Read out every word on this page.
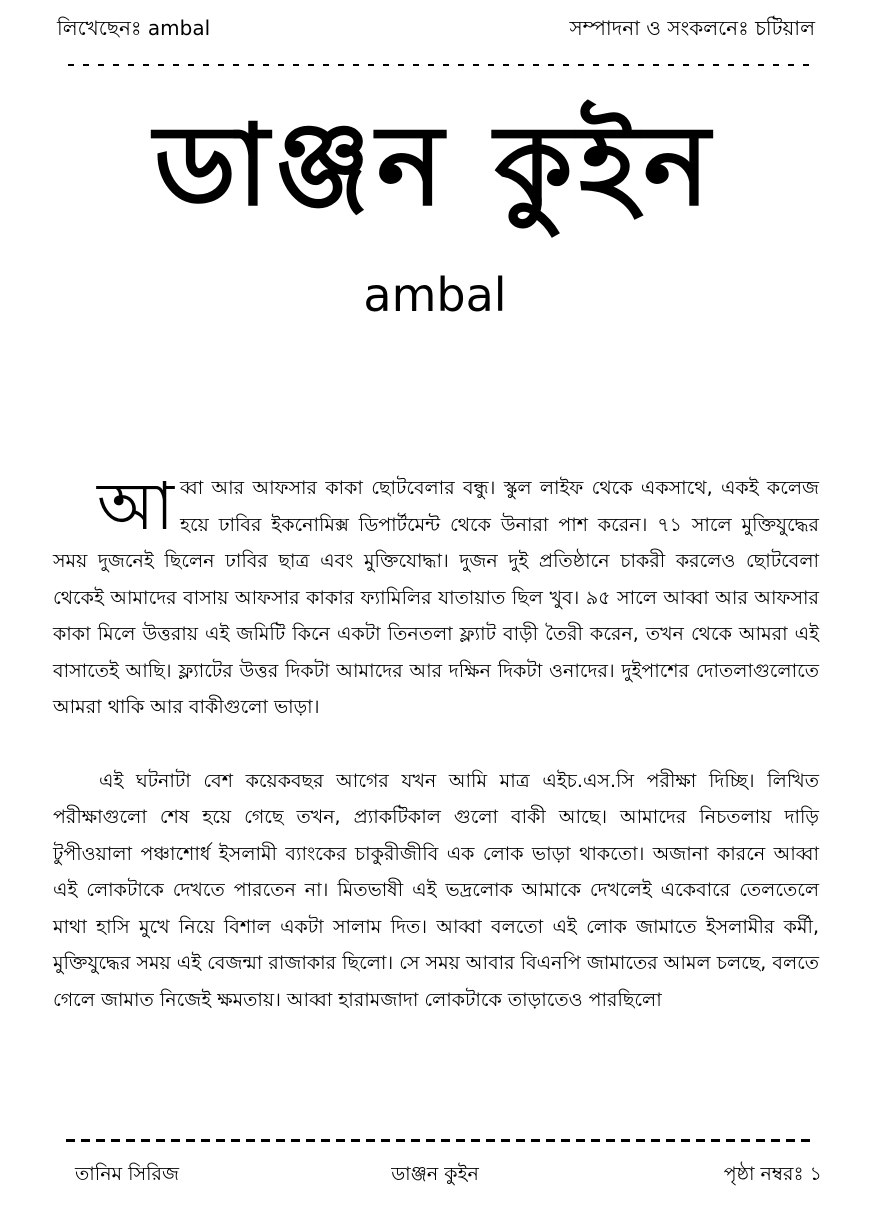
লিখেছেনঃ ambal	সম্পাদনা ও সংকলনেঃ চটিয়াল
ডাঞ্জন কুইন
ambal

আ ব্বা আর আফসার কাকা ছোটবেলার বন্ধু। স্কুল লাইফ থেকে একসাথে, একই কলেজ হয়ে ঢাবির ইকনোমিক্স ডিপার্টমেন্ট থেকে উনারা পাশ করেন। ৭১ সালে মুক্তিযুদ্ধের সময় দুজনেই ছিলেন ঢাবির ছাত্র এবং মুক্তিযোদ্ধা। দুজন দুই প্রতিষ্ঠানে চাকরী করলেও ছোটবেলা থেকেই আমাদের বাসায় আফসার কাকার ফ্যামিলির যাতায়াত ছিল খুব। ৯৫ সালে আব্বা আর আফসার কাকা মিলে উত্তরায় এই জমিটি কিনে একটা তিনতলা ফ্ল্যাট বাড়ী তৈরী করেন, তখন থেকে আমরা এই বাসাতেই আছি। ফ্ল্যাটের উত্তর দিকটা আমাদের আর দক্ষিন দিকটা ওনাদের। দুইপাশের দোতলাগুলোতে আমরা থাকি আর বাকীগুলো ভাড়া।

এই ঘটনাটা বেশ কয়েকবছর আগের যখন আমি মাত্র এইচ.এস.সি পরীক্ষা দিচ্ছি। লিখিত পরীক্ষাগুলো শেষ হয়ে গেছে তখন, প্র্যাকটিকাল গুলো বাকী আছে। আমাদের নিচতলায় দাড়ি টুপীওয়ালা পঞ্চাশোর্ধ ইসলামী ব্যাংকের চাকুরীজীবি এক লোক ভাড়া থাকতো। অজানা কারনে আব্বা এই লোকটাকে দেখতে পারতেন না। মিতভাষী এই ভদ্রলোক আমাকে দেখলেই একেবারে তেলতেলে মাথা হাসি মুখে নিয়ে বিশাল একটা সালাম দিত। আব্বা বলতো এই লোক জামাতে ইসলামীর কর্মী, মুক্তিযুদ্ধের সময় এই বেজন্মা রাজাকার ছিলো। সে সময় আবার বিএনপি জামাতের আমল চলছে, বলতে গেলে জামাত নিজেই ক্ষমতায়। আব্বা হারামজাদা লোকটাকে তাড়াতেও পারছিলো

তানিম সিরিজ	ডাঞ্জন কুইন	পৃষ্ঠা নম্বরঃ ১
